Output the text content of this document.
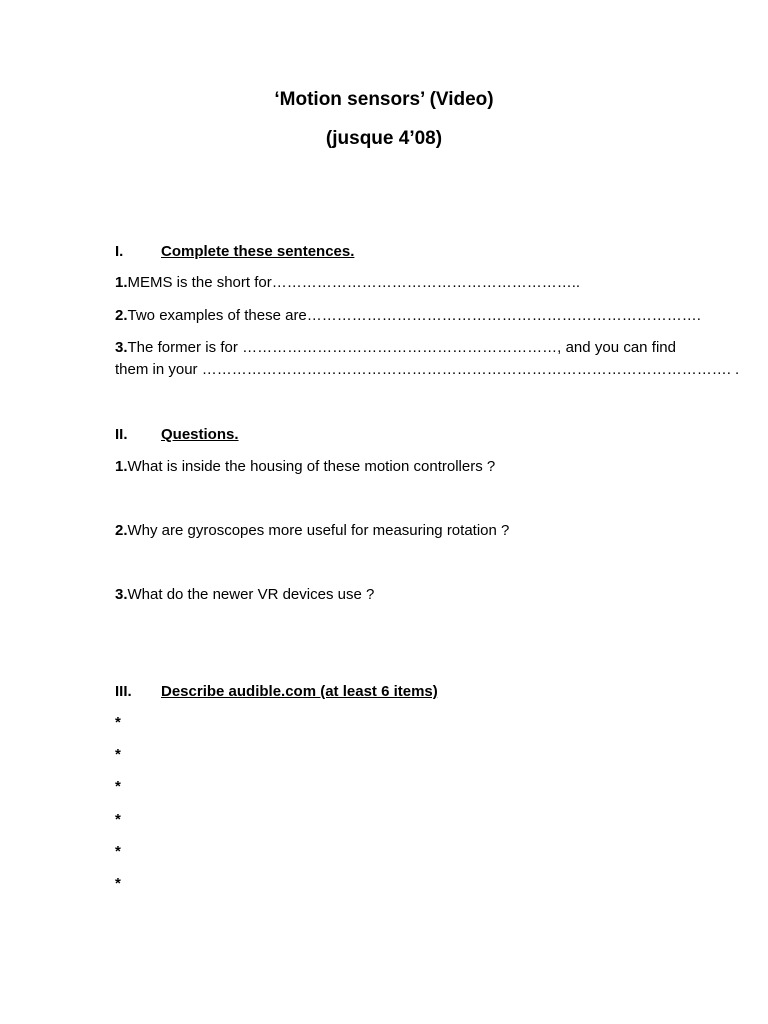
‘Motion sensors’ (Video)
(jusque 4’08)
I.	Complete these sentences.
1.MEMS is the short for……………………………………………………..
2.Two examples of these are…………………………………………………………………….
3.The former is for ………………………………………………………, and you can find
them in your ……………………………………………………………………………………………. .
II. Questions.
1.What is inside the housing of these motion controllers ?
2.Why are gyroscopes more useful for measuring rotation ?
3.What do the newer VR devices use ?
III. Describe audible.com (at least 6 items)
*
*
*
*
*
*
